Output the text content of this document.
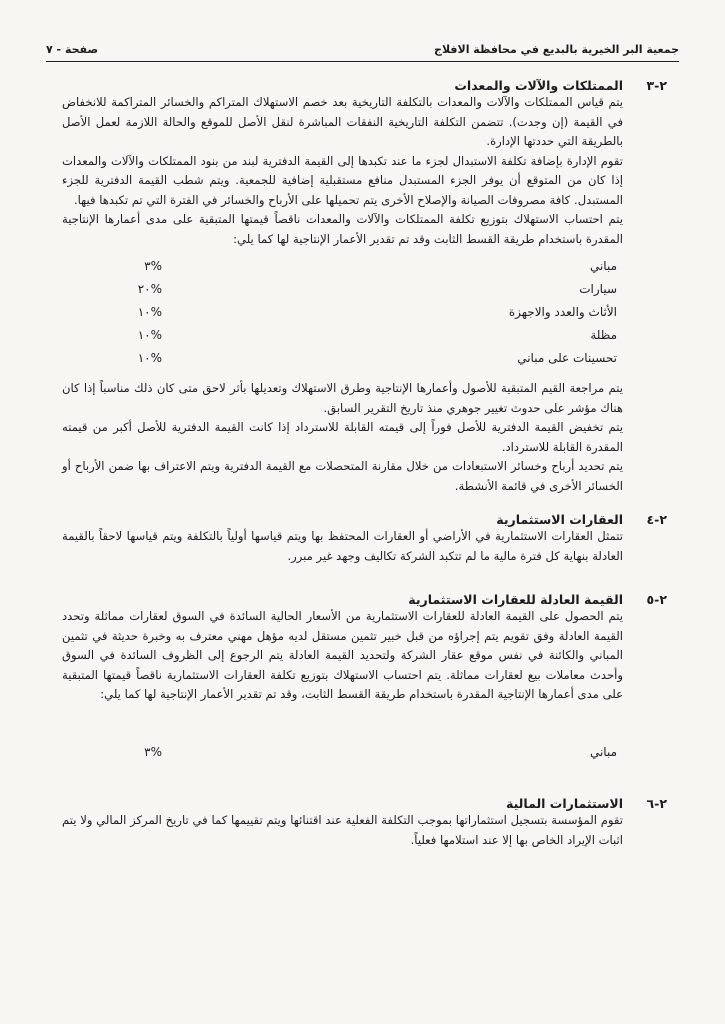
جمعية البر الخيرية بالبديع في محافظة الافلاج
صفحة - ٧
٢-٣
الممتلكات والآلات والمعدات

يتم قياس الممتلكات والآلات والمعدات بالتكلفة التاريخية بعد خصم الاستهلاك المتراكم والخسائر المتراكمة للانخفاض في القيمة (إن وجدت). تتضمن التكلفة التاريخية النفقات المباشرة لنقل الأصل للموقع والحالة اللازمة لعمل الأصل بالطريقة التي حددتها الإدارة.

تقوم الإدارة بإضافة تكلفة الاستبدال لجزء ما عند تكبدها إلى القيمة الدفترية لبند من بنود الممتلكات والآلات والمعدات إذا كان من المتوقع أن يوفر الجزء المستبدل منافع مستقبلية إضافية للجمعية. ويتم شطب القيمة الدفترية للجزء المستبدل. كافة مصروفات الصيانة والإصلاح الأخرى يتم تحميلها على الأرباح والخسائر في الفترة التي تم تكبدها فيها.

يتم احتساب الاستهلاك بتوزيع تكلفة الممتلكات والآلات والمعدات ناقصاً قيمتها المتبقية على مدى أعمارها الإنتاجية المقدرة باستخدام طريقة القسط الثابت وقد تم تقدير الأعمار الإنتاجية لها كما يلي:

مباني
%٣
سيارات
%٢٠
الأثاث والعدد والاجهزة
%١٠
مظلة
%١٠
تحسينات على مباني
%١٠

يتم مراجعة القيم المتبقية للأصول وأعمارها الإنتاجية وطرق الاستهلاك وتعديلها بأثر لاحق متى كان ذلك مناسباً إذا كان هناك مؤشر على حدوث تغيير جوهري منذ تاريخ التقرير السابق.

يتم تخفيض القيمة الدفترية للأصل فوراً إلى قيمته القابلة للاسترداد إذا كانت القيمة الدفترية للأصل أكبر من قيمته المقدرة القابلة للاسترداد.

يتم تحديد أرباح وخسائر الاستبعادات من خلال مقارنة المتحصلات مع القيمة الدفترية ويتم الاعتراف بها ضمن الأرباح أو الخسائر الأخرى في قائمة الأنشطة.

٢-٤
العقارات الاستثمارية

تتمثل العقارات الاستثمارية في الأراضي أو العقارات المحتفظ بها ويتم قياسها أولياً بالتكلفة ويتم قياسها لاحقاً بالقيمة العادلة بنهاية كل فترة مالية ما لم تتكبد الشركة تكاليف وجهد غير مبرر.

٢-٥
القيمة العادلة للعقارات الاستثمارية

يتم الحصول على القيمة العادلة للعقارات الاستثمارية من الأسعار الحالية السائدة في السوق لعقارات مماثلة وتحدد القيمة العادلة وفق تقويم يتم إجراؤه من قبل خبير تثمين مستقل لديه مؤهل مهني معترف به وخبرة حديثة في تثمين المباني والكائنة في نفس موقع عقار الشركة ولتحديد القيمة العادلة يتم الرجوع إلى الظروف السائدة في السوق وأحدث معاملات بيع لعقارات مماثلة. يتم احتساب الاستهلاك بتوزيع تكلفة العقارات الاستثمارية ناقصاً قيمتها المتبقية على مدى أعمارها الإنتاجية المقدرة باستخدام طريقة القسط الثابت، وقد تم تقدير الأعمار الإنتاجية لها كما يلي:

مباني
%٣
٢-٦
الاستثمارات المالية

تقوم المؤسسة بتسجيل استثماراتها بموجب التكلفة الفعلية عند اقتنائها ويتم تقييمها كما في تاريخ المركز المالي ولا يتم اثبات الإيراد الخاص بها إلا عند استلامها فعلياً.
